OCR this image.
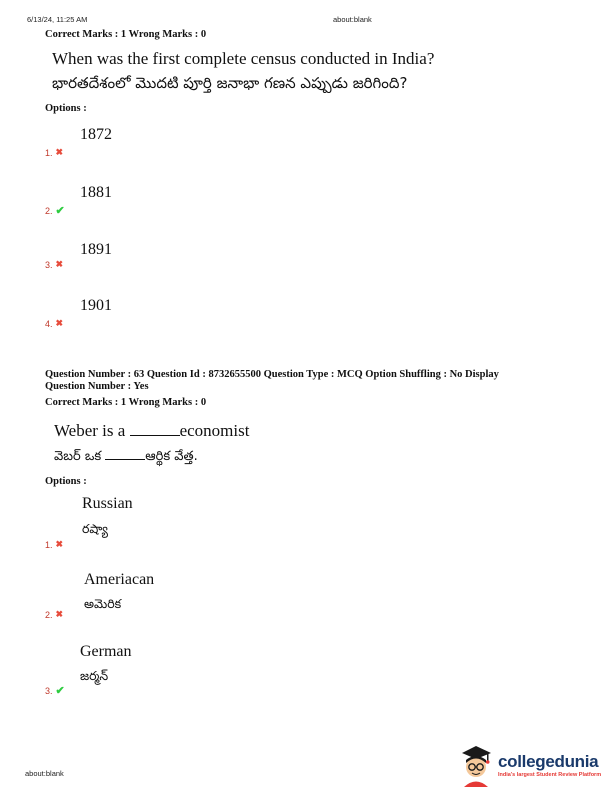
6/13/24, 11:25 AM	about:blank
Correct Marks : 1 Wrong Marks : 0
When was the first complete census conducted in India?
భారతదేశంలో మొదటి పూర్తి జనాభా గణన ఎప్పుడు జరిగింది?
Options :
1872
1. ✖
1881
2. ✔
1891
3. ✖
1901
4. ✖
Question Number : 63 Question Id : 8732655500 Question Type : MCQ Option Shuffling : No Display
Question Number : Yes
Correct Marks : 1 Wrong Marks : 0
Weber is a	economist
వెబర్ ఒక	ఆర్థిక వేత్త.
Options :
Russian
రష్యా
1. ✖
Ameriacan
అమెరిక
2. ✖
German
జర్మన్
3. ✔
about:blank
collegedunia
India's largest Student Review Platform
